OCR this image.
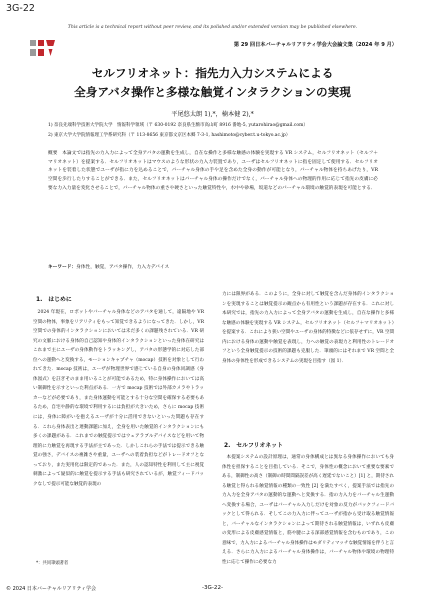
3G-22
This article is a technical report without peer review, and its polished and/or extended version may be published elsewhere.
第 29 回日本バーチャルリアリティ学会大会論文集（2024 年 9 月）
セルフリオネット：指先力入力システムによる
全身アバタ操作と多様な触覚インタラクションの実現
平尾悠太朗 1),*，楠本健 2),*
1) 奈良先端科学技術大学院大学　情報科学領域（〒 630-0192 奈良県生駒市高山町 8916 番地-5, yutarohirao@gmail.com）
2) 東京大学大学院情報理工学系研究科（〒 113-8656 東京都文京区本郷 7-3-1, hashimoto@cyber.t.u-tokyo.ac.jp）
概要　本論文では指先の力入力によって全身アバタの運動を生成し，自在な操作と多様な触感の体験を実現する VR システム，セルフリオネット（セルフ＋マリオネット）を提案する．セルフリオネットはマウスのような形状の力入力装置であり，ユーザはセルフリオネットに指を固定して使用する．セルフリオネットを装着した状態でユーザが指に力を込めることで，バーチャル身体の手や足を含めた全身の動作が可能となり，バーチャル物体を持ちあげたり，VR 空間を歩行したりすることができる．また，セルフリオネットはバーチャル身体の操作だけでなく，バーチャル身体への物理的作用に応じて指先の皮膚に必要な力入力量を変化させることで，バーチャル物体の重さや硬さといった触覚特性や，水中や砂場，坂道などのバーチャル環境の触覚的表現を可能とする．
キーワード：身体性，触覚，アバタ操作，力入力デバイス
1.　はじめに

2024 年現在，ロボットやバーチャル身体などのアバタを通して，遠隔地や VR 空間の物体，事象をリアリティをもって知覚できるようになってきた．しかし，VR 空間での身体的インタラクションにおいては未だ多くの課題残されている．VR 研究の文脈における身体的自己認知や身体的インタラクションといった身体在研究はこれまで主にユーザの身体動作をトラッキングし，アバタの形態学的に対応した部位への運動へと変換する，モーションキャプチャ（mocap）技術を対象として行われてきた．mocap 技術は，ユーザが物理世界で感じている自身の身体同調感（身体図式）を註ぎそのまま用いることが可能であるため，特に身体操作においては高い制御性を示すといった利点がある．一方で mocap 技術では外部カメラやトラッカーなどが必要であり，また身体運動を可能とする十分な空間を確保する必要もあるため，自宅や静的な環境で利用するには負担が大きいため，さらに mocap 技術には，身体に障がいを抱えるユーザが十分に活用できないといった問題も存在する．これら身体表出と連動課題に加え，全身を用いた触覚的インタラクションにも多くの課題がある．これまでの触覚提示ではウェアラブルデバイスなどを用いて物理的に力触覚を再現する手法が主であった．しかしこれらの手法では提示できる触覚の強さ，デバイスの複雑さや重量，ユーザへの装着負担などがトレードオフとなっており，また実用化は限定的であった．また，人の認知特性を利用して主に視覚刺激によって疑似的に触覚を提示する手法も研究されているが，触覚フィードバックなしで提示可能な触覚的表現の

力には限界がある．このように，全身に対して触覚を含んだ身体的インタラクションを実現することは触覚提示の観点から有用性という課題が存在する．これに対し本研究では，指先の力入力によって全身アバタの運動を生成し，自在な操作と多様な触感の体験を実現する VR システム，セルフリオネット（セルフ＋マリオネット）を提案する．これにより狭い空間やユーザの身体的特徴などに依存せずに，VR 空間内における身体の運動や触覚を表現し，力への触覚の表現力と利用性のトレードオフという全身触覚提示の技術的課題も克服した．筆頭的にはそれまで VR 空間と全身体の身体性を形成できるシステムの実現を目指す（図 1）．

2.　セルフリオネット

本提案システムの設計原理は，通常の身体構成とは異なる身体操作においても身体性を担保することを目指している．そこで，身体性の概念において重要な要素である，制御性の高さ（制御の時間間隔誤差が高く遅延でないこと）[1] と，期待される触覚と得られる触覚情報の種類の一致性 [2] を満たすべく，提案手法では指先の力入力を全身アバタの運動的な運動へと変換する．指の力入力をバーチャル生運動へ変換する場合，ユーザはバーチャル入力しだけを対象の反力がバックフィードバックとして得られる．そしてこの力入力に伴ってユーザが指から受け取る触覚情報と，バーチャルなインタラクションによって期待される触覚情報は，いずれも皮膚の変形による皮膚感覚情報と，筋や腱による深部感覚情報を含むものであり，この意味で，力入力によるバーチャル身体操作はモダリティマッチな触覚情報を伴うと言える．さらに力入力によるバーチャル身体操作は，バーチャル物体や環境の物理特性に応じて操作に必要な力

*：共同筆頭著者
© 2024 日本バーチャルリアリティ学会	-3G-22-
